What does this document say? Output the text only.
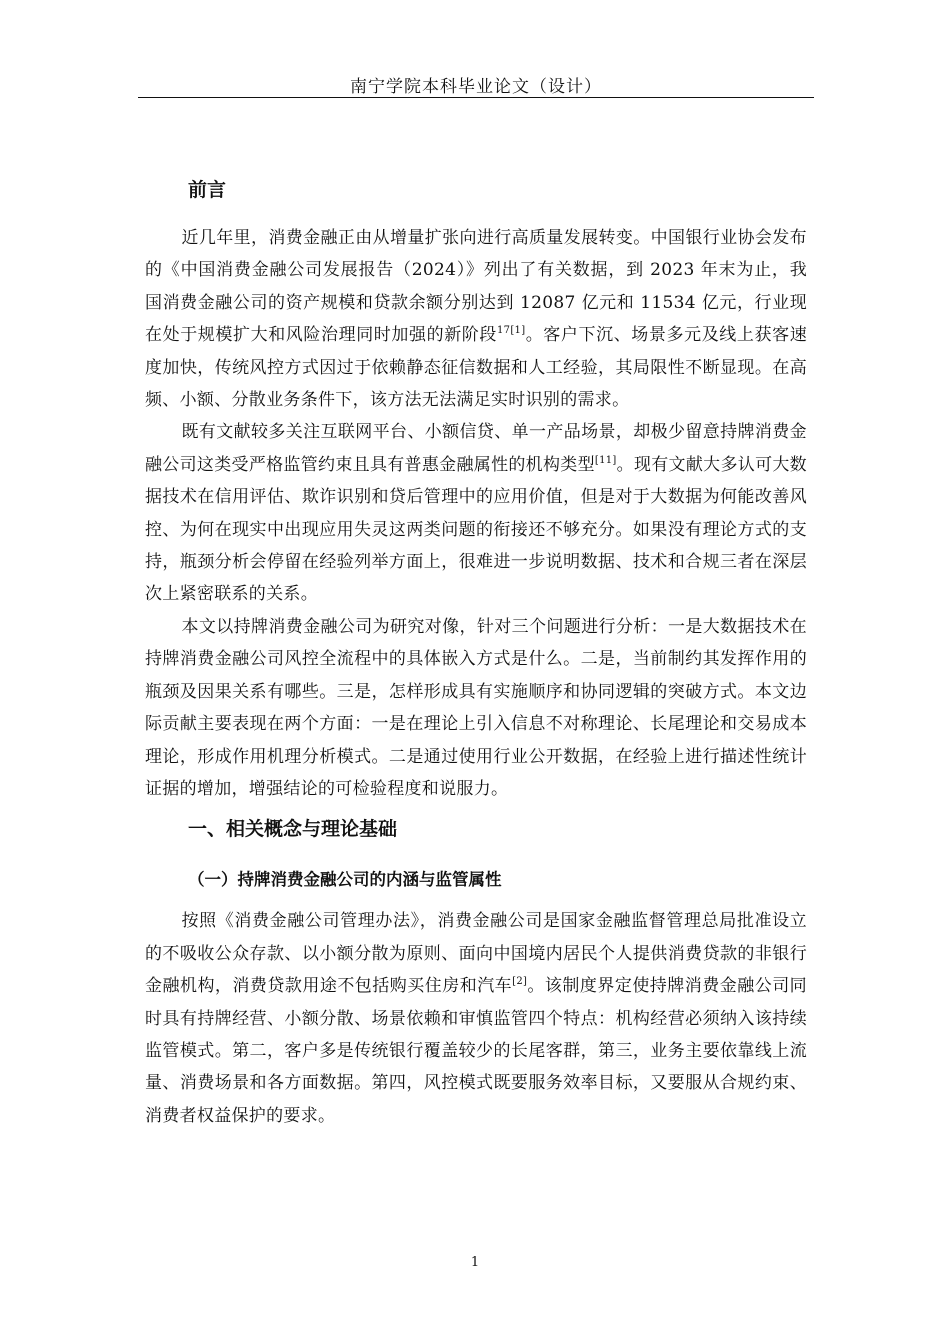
南宁学院本科毕业论文（设计）
前言

近几年里，消费金融正由从增量扩张向进行高质量发展转变。中国银行业协会发布的《中国消费金融公司发展报告（2024）》列出了有关数据，到 2023 年末为止，我国消费金融公司的资产规模和贷款余额分别达到 12087 亿元和 11534 亿元，行业现在处于规模扩大和风险治理同时加强的新阶段$^{17[1]}$。客户下沉、场景多元及线上获客速度加快，传统风控方式因过于依赖静态征信数据和人工经验，其局限性不断显现。在高频、小额、分散业务条件下，该方法无法满足实时识别的需求。

既有文献较多关注互联网平台、小额信贷、单一产品场景，却极少留意持牌消费金融公司这类受严格监管约束且具有普惠金融属性的机构类型[11]。现有文献大多认可大数据技术在信用评估、欺诈识别和贷后管理中的应用价值，但是对于大数据为何能改善风控、为何在现实中出现应用失灵这两类问题的衔接还不够充分。如果没有理论方式的支持，瓶颈分析会停留在经验列举方面上，很难进一步说明数据、技术和合规三者在深层次上紧密联系的关系。

本文以持牌消费金融公司为研究对像，针对三个问题进行分析：一是大数据技术在持牌消费金融公司风控全流程中的具体嵌入方式是什么。二是，当前制约其发挥作用的瓶颈及因果关系有哪些。三是，怎样形成具有实施顺序和协同逻辑的突破方式。本文边际贡献主要表现在两个方面：一是在理论上引入信息不对称理论、长尾理论和交易成本理论，形成作用机理分析模式。二是通过使用行业公开数据，在经验上进行描述性统计证据的增加，增强结论的可检验程度和说服力。

一、相关概念与理论基础
（一）持牌消费金融公司的内涵与监管属性

按照《消费金融公司管理办法》，消费金融公司是国家金融监督管理总局批准设立的不吸收公众存款、以小额分散为原则、面向中国境内居民个人提供消费贷款的非银行金融机构，消费贷款用途不包括购买住房和汽车[2]。该制度界定使持牌消费金融公司同时具有持牌经营、小额分散、场景依赖和审慎监管四个特点：机构经营必须纳入该持续监管模式。第二，客户多是传统银行覆盖较少的长尾客群，第三，业务主要依靠线上流量、消费场景和各方面数据。第四，风控模式既要服务效率目标，又要服从合规约束、消费者权益保护的要求。

1
